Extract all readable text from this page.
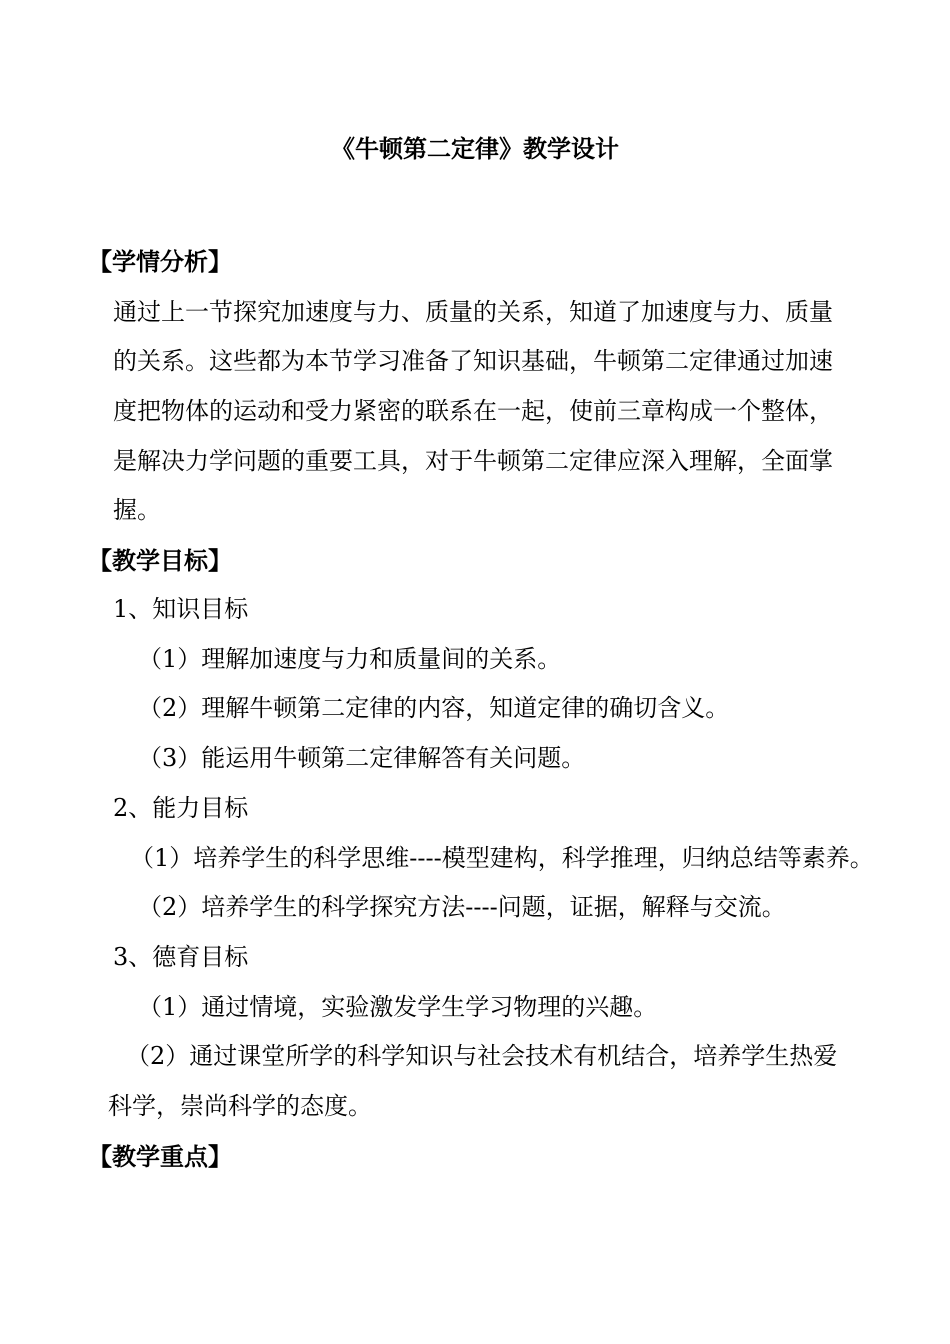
《牛顿第二定律》教学设计
【学情分析】
通过上一节探究加速度与力、质量的关系，知道了加速度与力、质量
的关系。这些都为本节学习准备了知识基础，牛顿第二定律通过加速
度把物体的运动和受力紧密的联系在一起，使前三章构成一个整体，
是解决力学问题的重要工具，对于牛顿第二定律应深入理解，全面掌
握。
【教学目标】
1、知识目标
（1）理解加速度与力和质量间的关系。
（2）理解牛顿第二定律的内容，知道定律的确切含义。
（3）能运用牛顿第二定律解答有关问题。
2、能力目标
（1）培养学生的科学思维----模型建构，科学推理，归纳总结等素养。
（2）培养学生的科学探究方法----问题，证据，解释与交流。
3、德育目标
（1）通过情境，实验激发学生学习物理的兴趣。
（2）通过课堂所学的科学知识与社会技术有机结合，培养学生热爱
科学，崇尚科学的态度。
【教学重点】
